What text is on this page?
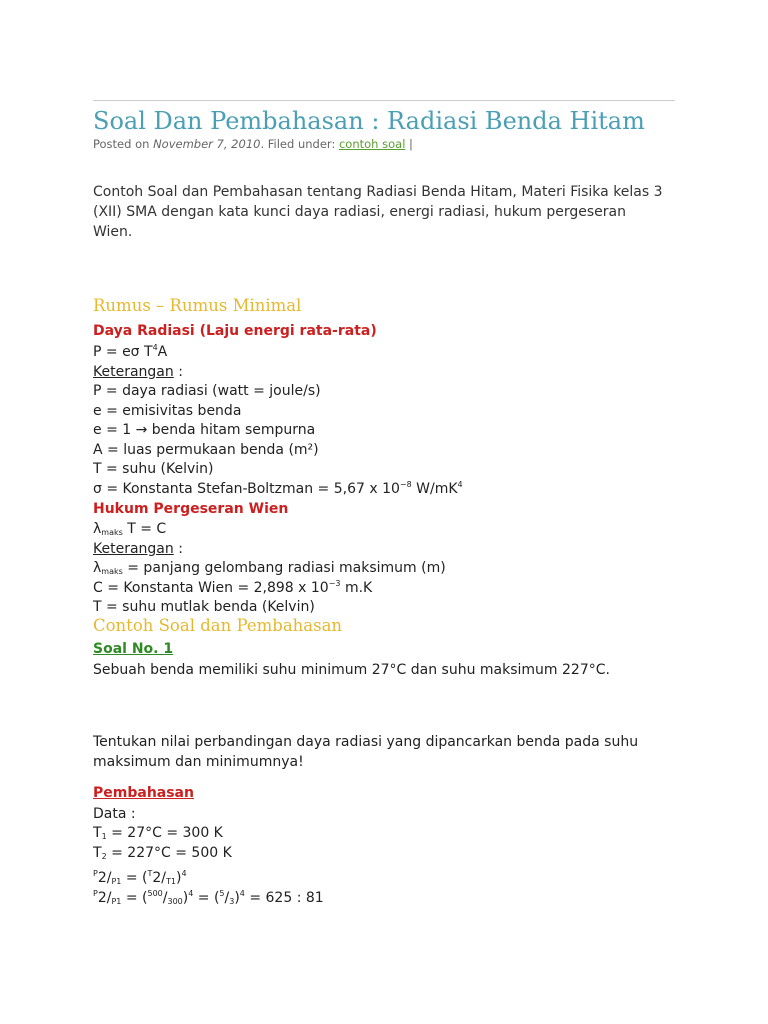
Soal Dan Pembahasan : Radiasi Benda Hitam
Posted on November 7, 2010. Filed under: contoh soal |
Contoh Soal dan Pembahasan tentang Radiasi Benda Hitam, Materi Fisika kelas 3 (XII) SMA dengan kata kunci daya radiasi, energi radiasi, hukum pergeseran Wien.
Rumus – Rumus Minimal
Daya Radiasi (Laju energi rata-rata)
P = eσ $T^4A$
Keterangan :
P = daya radiasi (watt = joule/s)
e = emisivitas benda
e = 1 → benda hitam sempurna
A = luas permukaan benda (m²)
T = suhu (Kelvin)
σ = Konstanta Stefan-Boltzman = 5,67 x $10^{-8}$ $W/mK^4$
Hukum Pergeseran Wien
$\lambda_{maks}$ T = C
Keterangan :
$\lambda_{maks}$ = panjang gelombang radiasi maksimum (m)
C = Konstanta Wien = 2,898 x $10^{-3}$ m.K
T = suhu mutlak benda (Kelvin)
Contoh Soal dan Pembahasan
Soal No. 1
Sebuah benda memiliki suhu minimum 27°C dan suhu maksimum 227°C.
Tentukan nilai perbandingan daya radiasi yang dipancarkan benda pada suhu maksimum dan minimumnya!
Pembahasan
Data :
$T_1 = 27^\circ C = 300$ K
$T_2 = 227^\circ C = 500$ K
$^P2/P1 = (^T2/T1)^4$
$^P2/P1 = (^{500}/300)^4 = (^5/3)^4 = 625$ : 81
